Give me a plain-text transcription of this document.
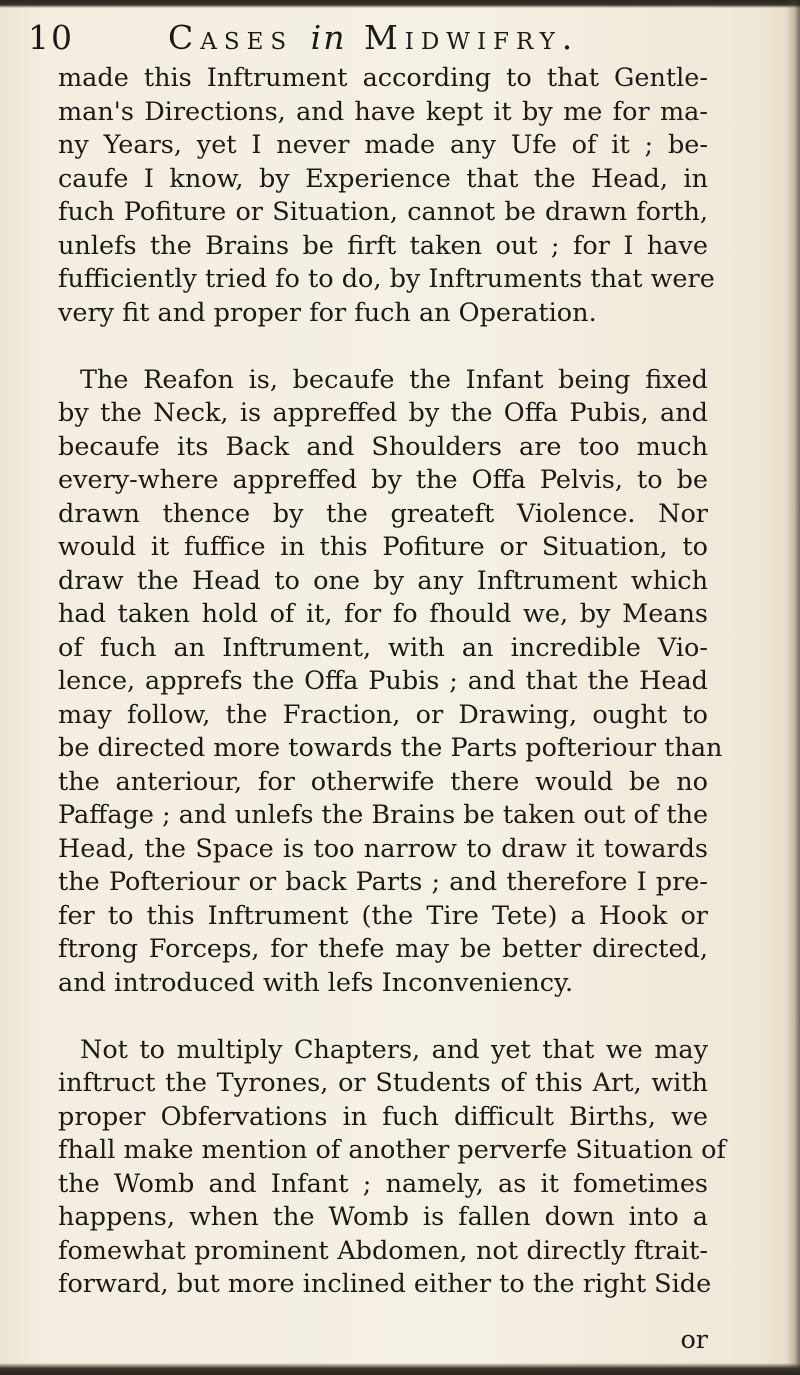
10	Cases in Midwifry.
made this Inftrument according to that Gentle-
man's Directions, and have kept it by me for ma-
ny Years, yet I never made any Ufe of it ; be-
caufe I know, by Experience that the Head, in
fuch Pofiture or Situation, cannot be drawn forth,
unlefs the Brains be firft taken out ; for I have
fufficiently tried fo to do, by Inftruments that were
very fit and proper for fuch an Operation.
The Reafon is, becaufe the Infant being fixed
by the Neck, is appreffed by the Offa Pubis, and
becaufe its Back and Shoulders are too much
every-where appreffed by the Offa Pelvis, to be
drawn thence by the greateft Violence. Nor
would it fuffice in this Pofiture or Situation, to
draw the Head to one by any Inftrument which
had taken hold of it, for fo fhould we, by Means
of fuch an Inftrument, with an incredible Vio-
lence, apprefs the Offa Pubis ; and that the Head
may follow, the Fraction, or Drawing, ought to
be directed more towards the Parts pofteriour than
the anteriour, for otherwife there would be no
Paffage ; and unlefs the Brains be taken out of the
Head, the Space is too narrow to draw it towards
the Pofteriour or back Parts ; and therefore I pre-
fer to this Inftrument (the Tire Tete) a Hook or
ftrong Forceps, for thefe may be better directed,
and introduced with lefs Inconveniency.
Not to multiply Chapters, and yet that we may
inftruct the Tyrones, or Students of this Art, with
proper Obfervations in fuch difficult Births, we
fhall make mention of another perverfe Situation of
the Womb and Infant ; namely, as it fometimes
happens, when the Womb is fallen down into a
fomewhat prominent Abdomen, not directly ftrait-
forward, but more inclined either to the right Side
or
